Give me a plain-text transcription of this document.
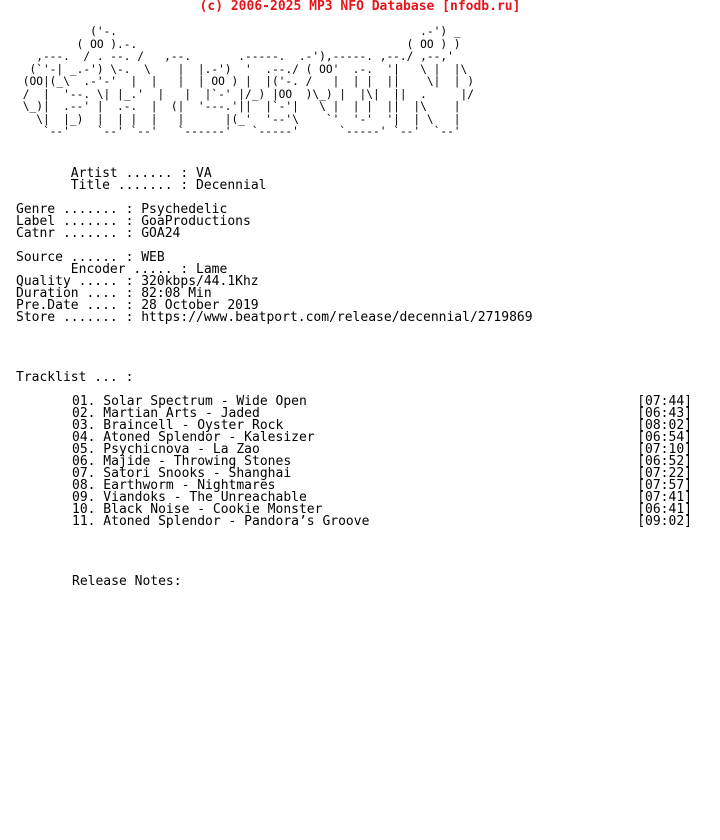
(c) 2006-2025 MP3 NFO Database [nfodb.ru]
('-.                                             .-') _
( OO ).-.                                        ( OO ) )
,---.  / . --. /   ,--.       .-----.  .-'),-----. ,--./ ,--,'
(`'-| _.-') \-.  \    |  |.-')  '  .--./ ( OO'  .-.  '|   \ |  |\
(OO|(_\  .-'-'  |  |   |  | OO ) |  |('-. /   |  | |  ||    \|  | )
/  |  '--. \| |_.'  |   |  |`-' |/_) |OO  )\_) |  |\|  ||  .     |/
\_)|  .--' |  .-.  |  (|  '---.'||  |`-'|   \ |  | |  ||  |\    |
\|  |_)  |  | |  |   |      |(_'  '--'\    `'  '-'  '|  | \   |
`--'    `--' `--'   `------'   `-----'      `-----' `--'  `--'
Artist ...... : VA
Title ....... : Decennial
Genre ....... : Psychedelic
Label ....... : GoaProductions
Catnr ....... : GOA24
Source ...... : WEB
Encoder ..... : Lame
Quality ..... : 320kbps/44.1Khz
Duration .... : 82:08 Min
Pre.Date .... : 28 October 2019
Store ....... : https://www.beatport.com/release/decennial/2719869
Tracklist ... :
01. Solar Spectrum - Wide Open	[07:44]
02. Martian Arts - Jaded	[06:43]
03. Braincell - Oyster Rock	[08:02]
04. Atoned Splendor - Kalesizer	[06:54]
05. Psychicnova - La Zao	[07:10]
06. Majide - Throwing Stones	[06:52]
07. Satori Snooks - Shanghai	[07:22]
08. Earthworm - Nightmares	[07:57]
09. Viandoks - The Unreachable	[07:41]
10. Black Noise - Cookie Monster	[06:41]
11. Atoned Splendor - Pandora’s Groove	[09:02]
Release Notes:
